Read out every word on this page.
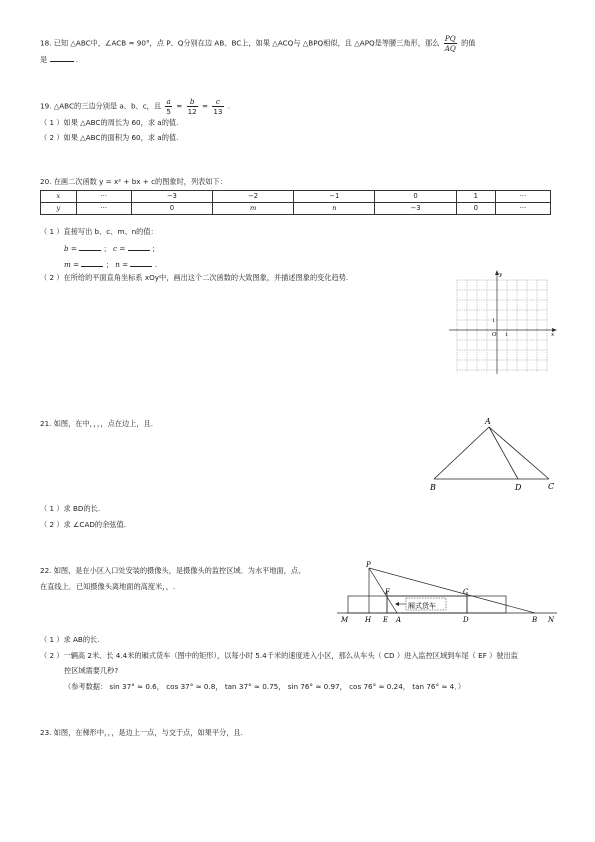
18. 已知 △ABC中，∠ACB = 90°，点 P、Q分别在边 AB、BC上，如果 △ACQ与 △BPQ相似，且 △APQ是等腰三角形，那么 $\frac{PQ}{AQ}$ 的值
是	.
19. △ABC的三边分别是 a、b、c，且 $\frac{a}{5} = \frac{b}{12} = \frac{c}{13}$ .
（ 1 ）如果 △ABC的周长为 60，求 a的值.
（ 2 ）如果 △ABC的面积为 60，求 a的值.
20. 在画二次函数 y = x² + bx + c的图象时，列表如下：
x	···	−3	−2	−1	0	1	···
y	···	0	m	n	−3	0	···
（ 1 ）直接写出 b、c、m、n的值：
b =	； c =	；
m =	； n =	.
（ 2 ）在所给的平面直角坐标系 xOy中，画出这个二次函数的大致图象，并描述图象的变化趋势.	y
x
O 1
1
21. 如图，在中，，，，点在边上，且.	A
B	D	C
（ 1 ）求 BD的长.
（ 2 ）求 ∠CAD的余弦值.
22. 如图，是在小区入口处安装的摄像头，是摄像头的监控区域．为水平地面，点、
在直线上．已知摄像头离地面的高度米，，.
厢式货车
P
F	C
M H E A	D	B N
（ 1 ）求 AB的长.
（ 2 ）一辆高 2米、长 4.4米的厢式货车（图中的矩形），以每小时 5.4千米的速度进入小区，那么从车头（ CD ）进入监控区域到车尾（ EF ）驶出监
控区域需要几秒?
（参考数据： sin 37° ≈ 0.6， cos 37° ≈ 0.8， tan 37° ≈ 0.75， sin 76° ≈ 0.97， cos 76° ≈ 0.24， tan 76° ≈ 4．）
23. 如图，在梯形中，，，是边上一点，与交于点，如果平分，且.
